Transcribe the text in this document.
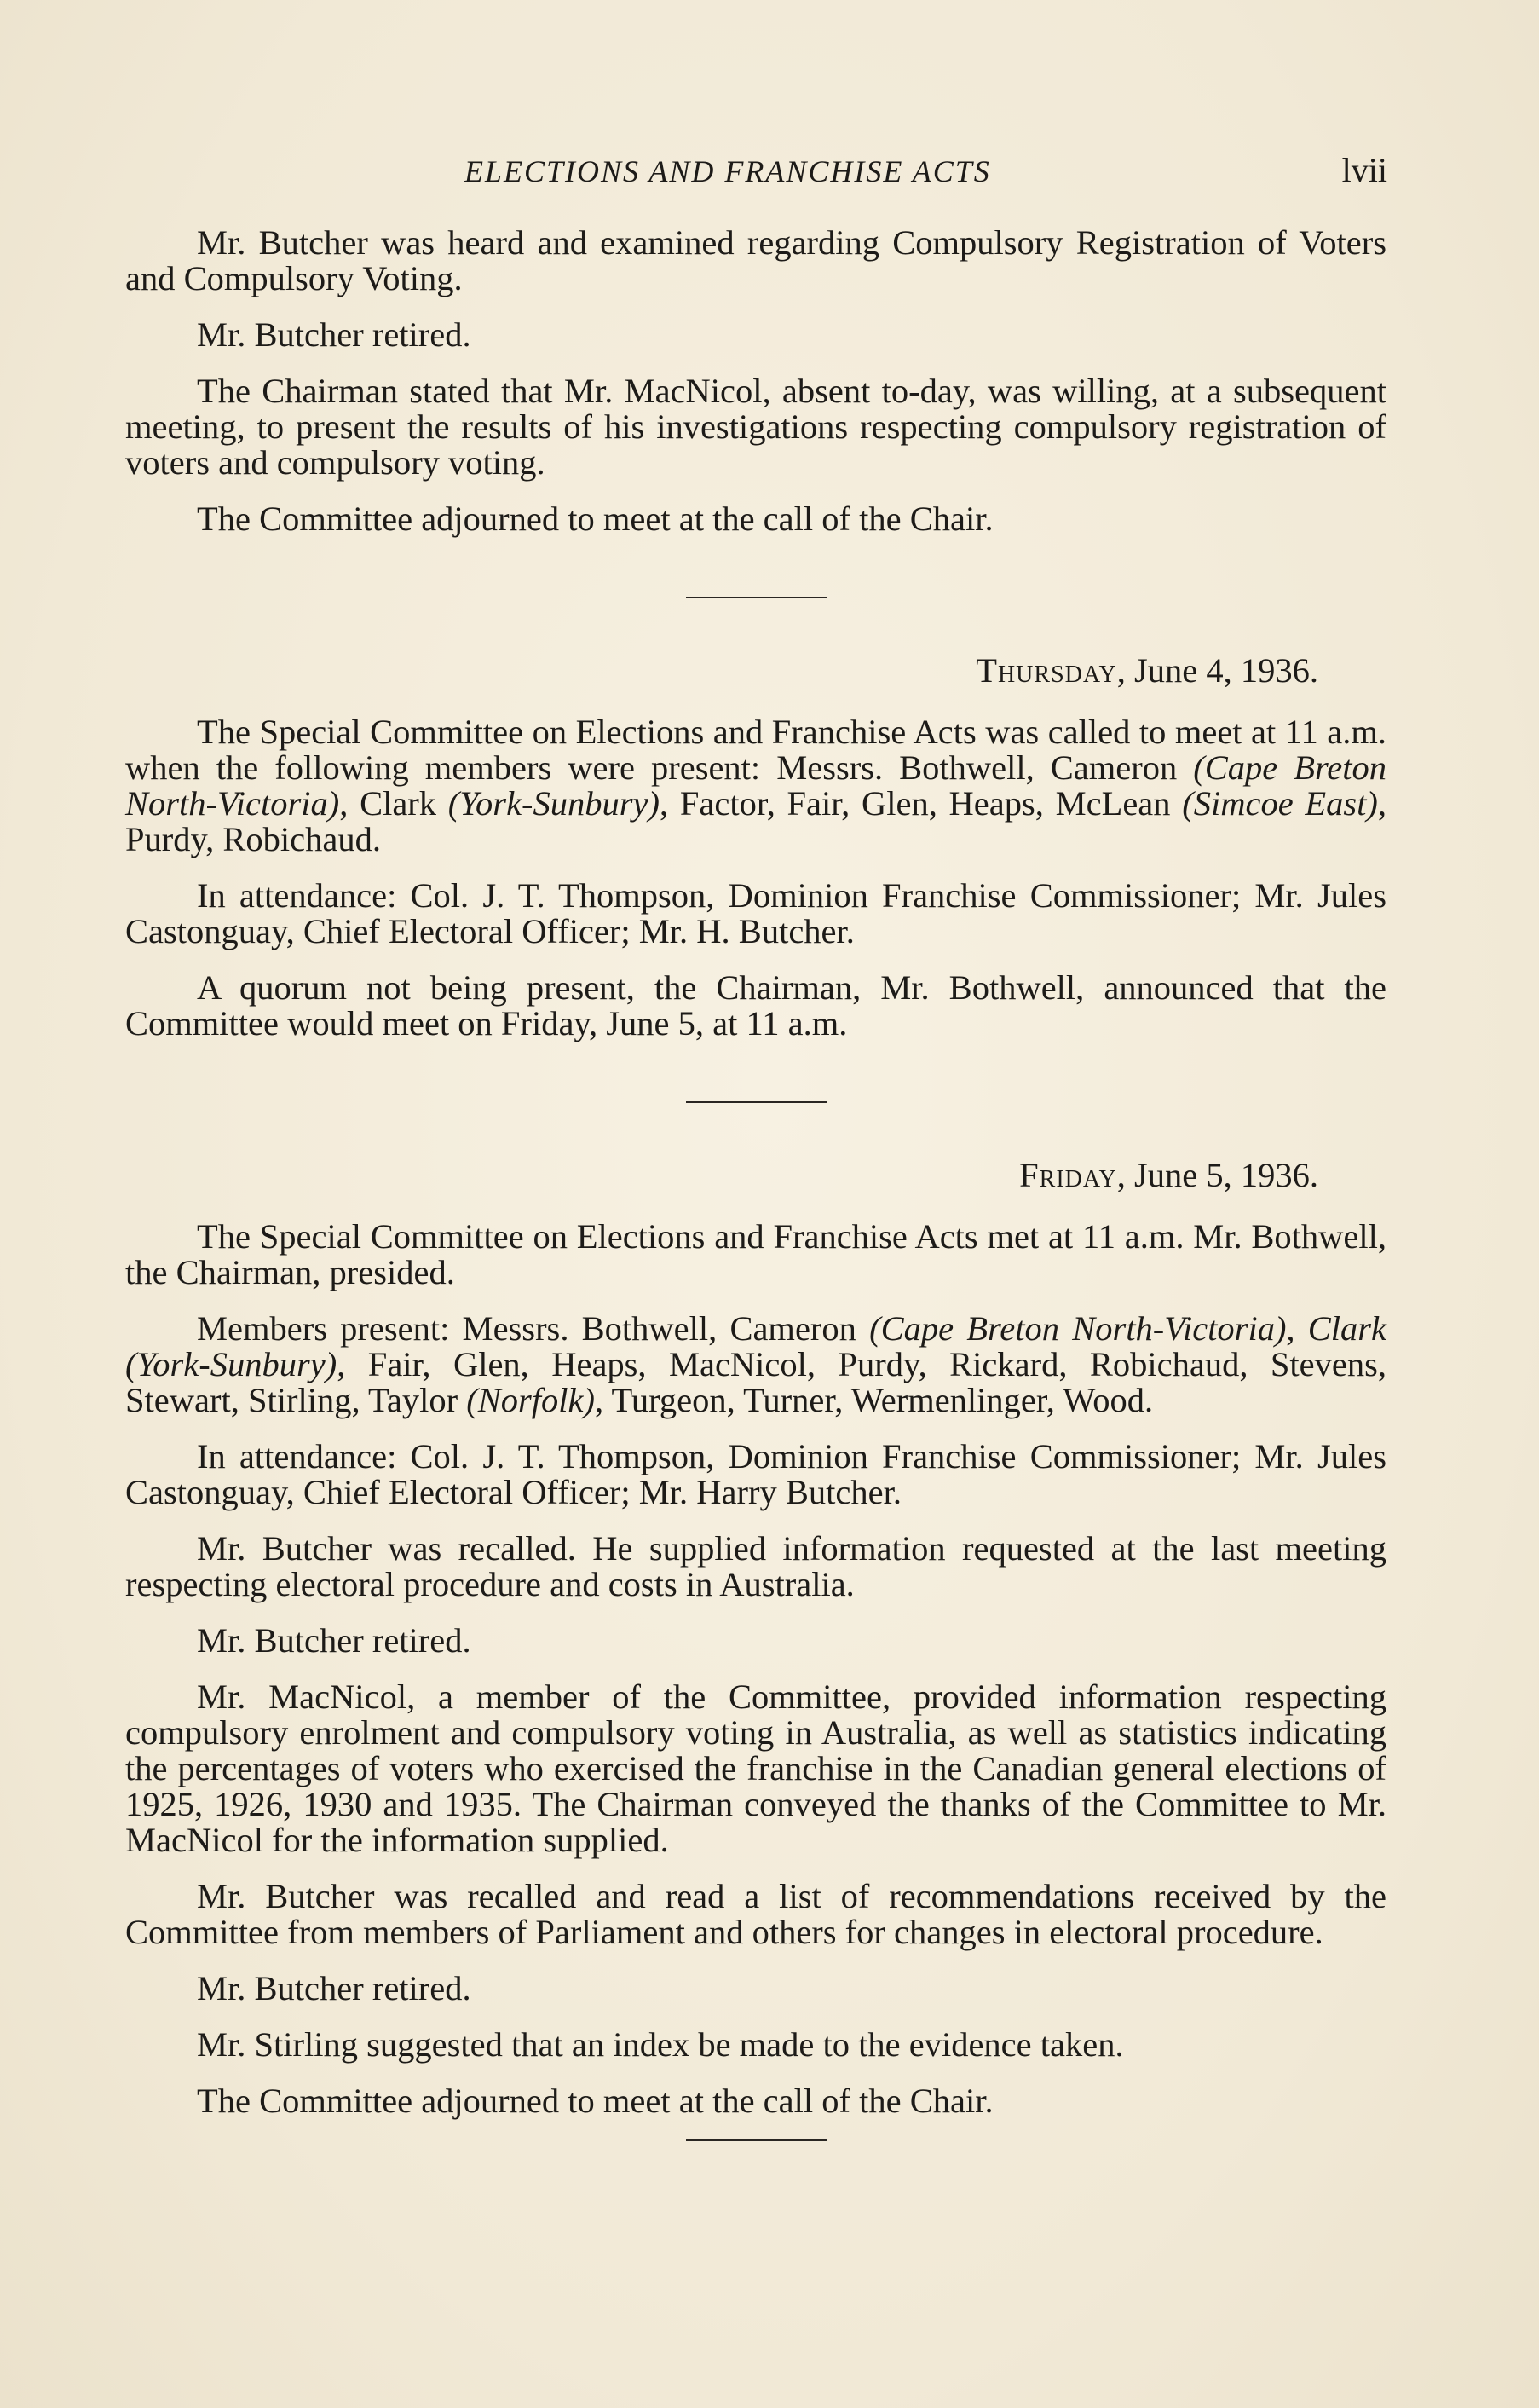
ELECTIONS AND FRANCHISE ACTS	lvii

Mr. Butcher was heard and examined regarding Compulsory Registration of Voters and Compulsory Voting.

Mr. Butcher retired.

The Chairman stated that Mr. MacNicol, absent to-day, was willing, at a subsequent meeting, to present the results of his investigations respecting compulsory registration of voters and compulsory voting.

The Committee adjourned to meet at the call of the Chair.

Thursday, June 4, 1936.

The Special Committee on Elections and Franchise Acts was called to meet at 11 a.m. when the following members were present: Messrs. Bothwell, Cameron (Cape Breton North-Victoria), Clark (York-Sunbury), Factor, Fair, Glen, Heaps, McLean (Simcoe East), Purdy, Robichaud.

In attendance: Col. J. T. Thompson, Dominion Franchise Commissioner; Mr. Jules Castonguay, Chief Electoral Officer; Mr. H. Butcher.

A quorum not being present, the Chairman, Mr. Bothwell, announced that the Committee would meet on Friday, June 5, at 11 a.m.

Friday, June 5, 1936.

The Special Committee on Elections and Franchise Acts met at 11 a.m. Mr. Bothwell, the Chairman, presided.

Members present: Messrs. Bothwell, Cameron (Cape Breton North-Victoria), Clark (York-Sunbury), Fair, Glen, Heaps, MacNicol, Purdy, Rickard, Robichaud, Stevens, Stewart, Stirling, Taylor (Norfolk), Turgeon, Turner, Wermenlinger, Wood.

In attendance: Col. J. T. Thompson, Dominion Franchise Commissioner; Mr. Jules Castonguay, Chief Electoral Officer; Mr. Harry Butcher.

Mr. Butcher was recalled. He supplied information requested at the last meeting respecting electoral procedure and costs in Australia.

Mr. Butcher retired.

Mr. MacNicol, a member of the Committee, provided information respecting compulsory enrolment and compulsory voting in Australia, as well as statistics indicating the percentages of voters who exercised the franchise in the Canadian general elections of 1925, 1926, 1930 and 1935. The Chairman conveyed the thanks of the Committee to Mr. MacNicol for the information supplied.

Mr. Butcher was recalled and read a list of recommendations received by the Committee from members of Parliament and others for changes in electoral procedure.

Mr. Butcher retired.

Mr. Stirling suggested that an index be made to the evidence taken.

The Committee adjourned to meet at the call of the Chair.
